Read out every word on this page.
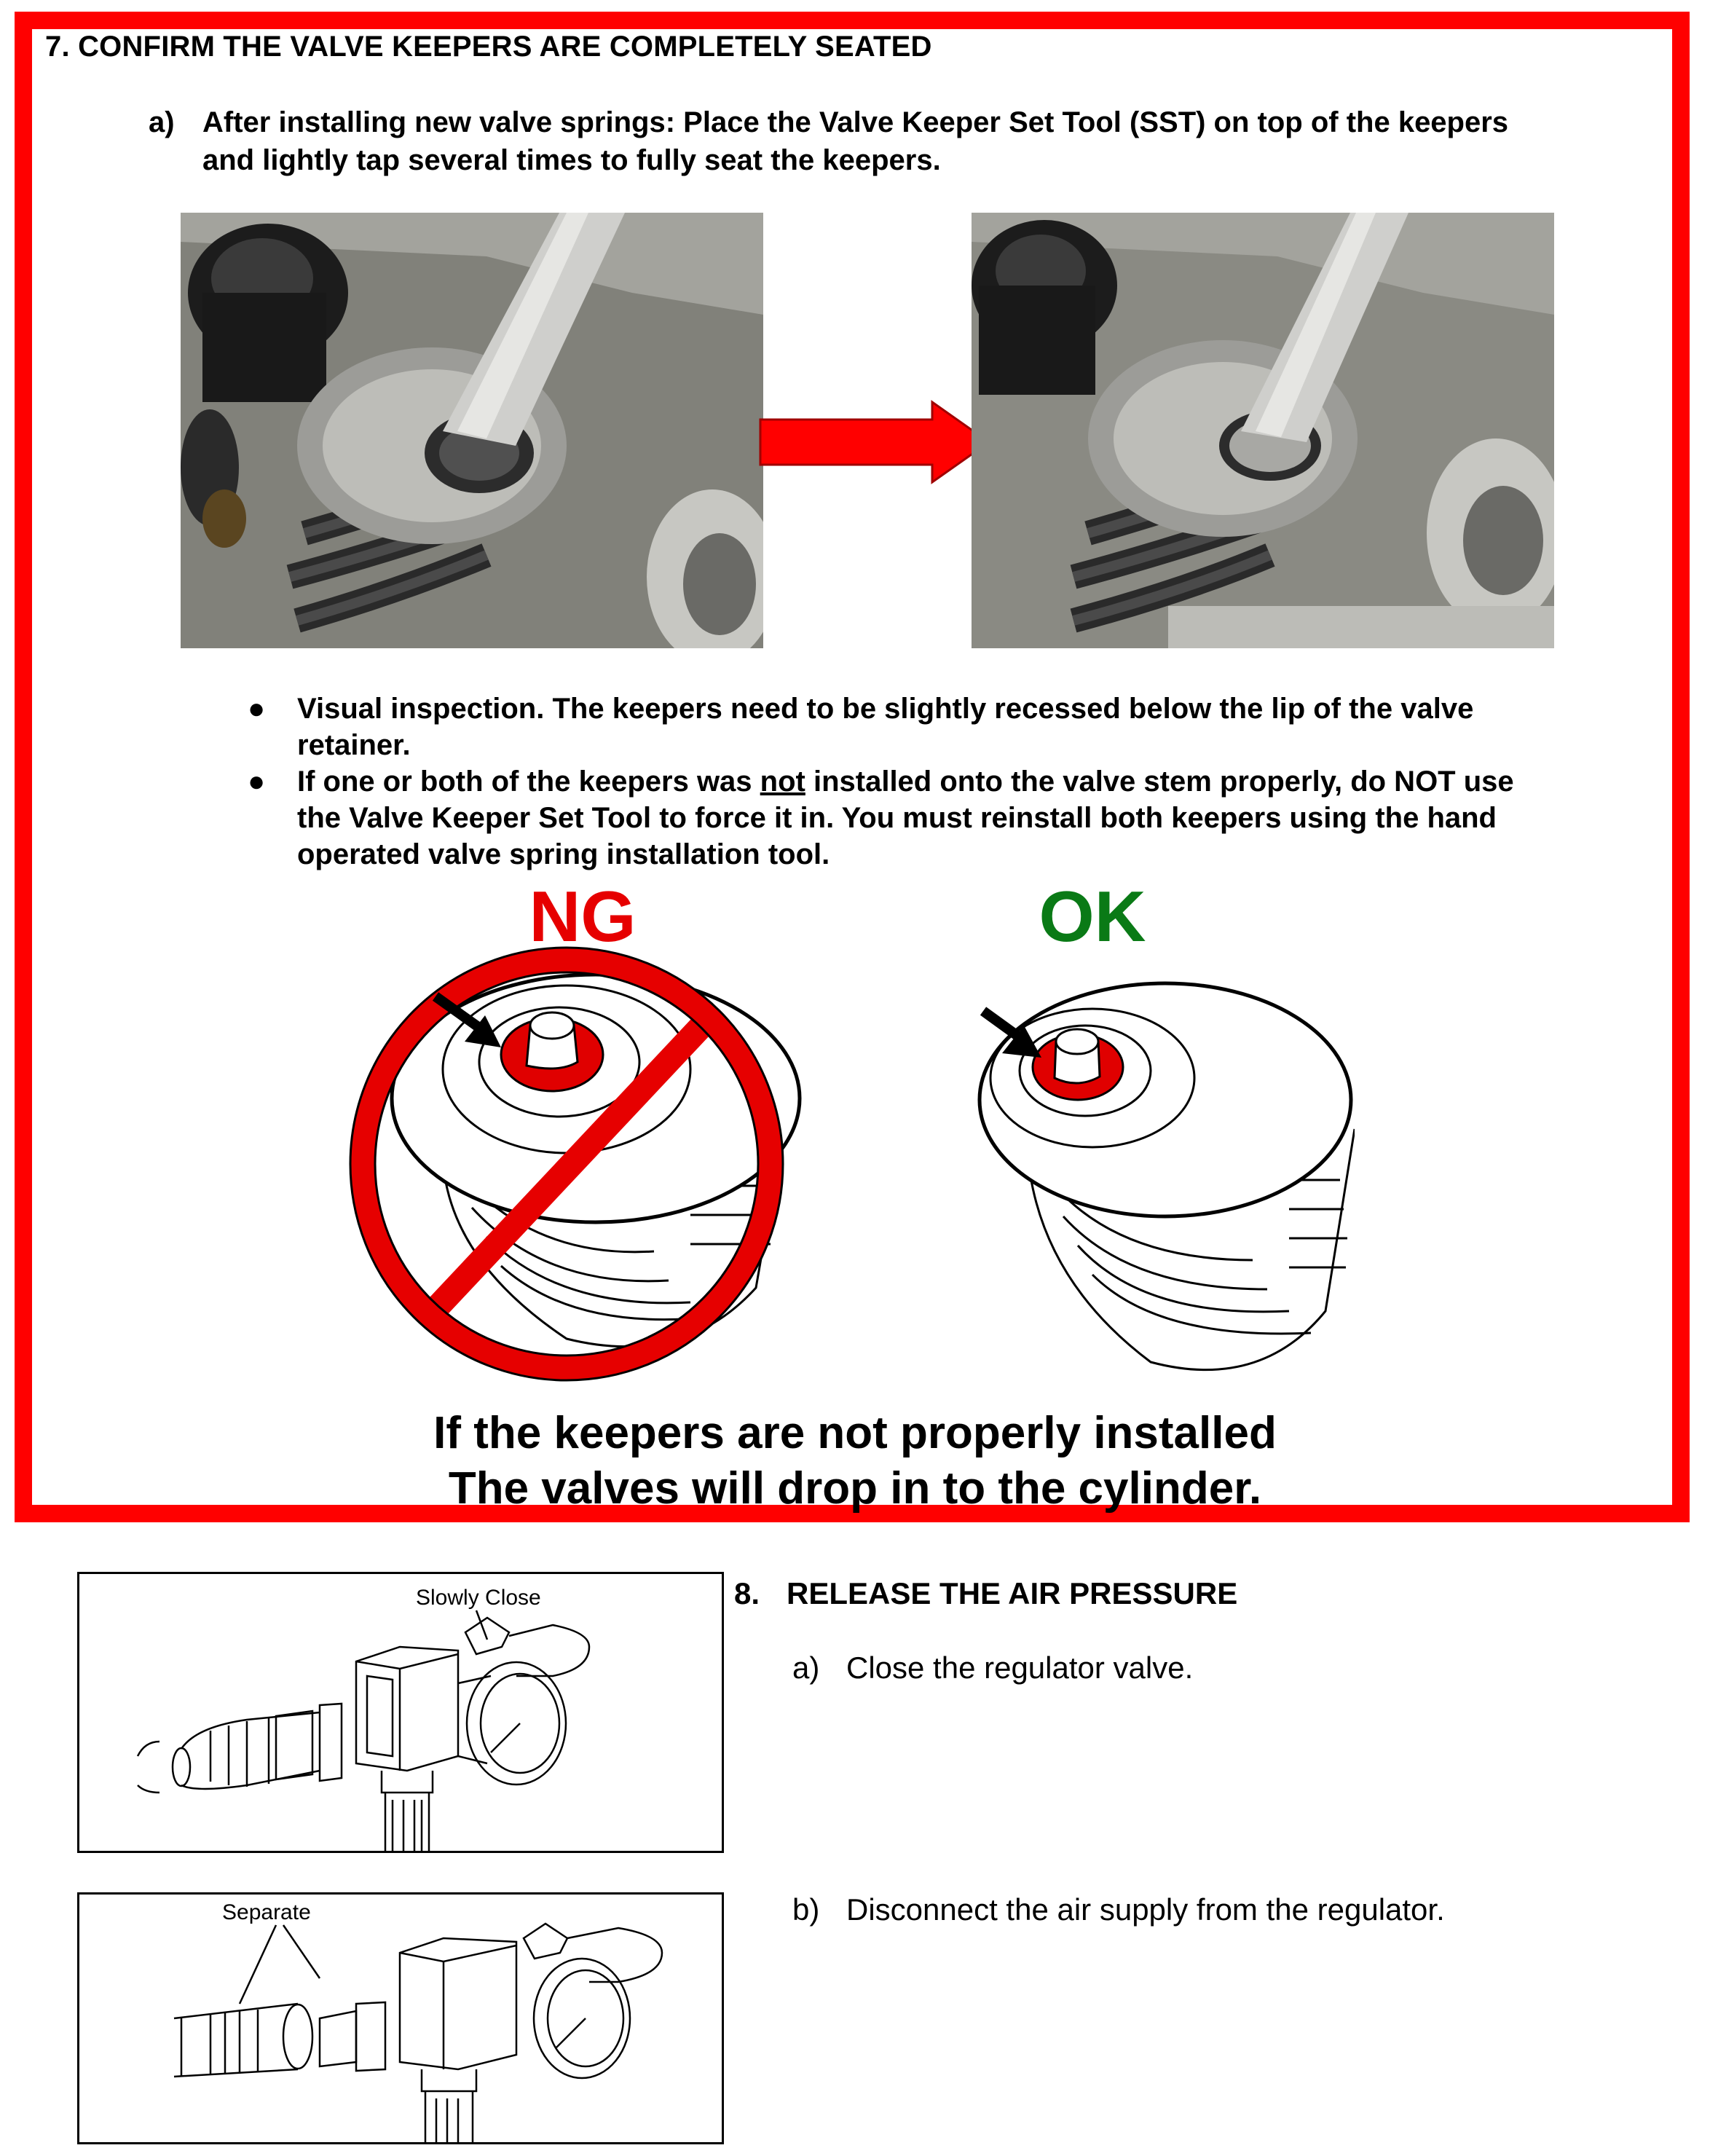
7. CONFIRM THE VALVE KEEPERS ARE COMPLETELY SEATED
a) After installing new valve springs: Place the Valve Keeper Set Tool (SST) on top of the keepers
and lightly tap several times to fully seat the keepers.
● Visual inspection. The keepers need to be slightly recessed below the lip of the valve
retainer.
● If one or both of the keepers was not installed onto the valve stem properly, do NOT use
the Valve Keeper Set Tool to force it in. You must reinstall both keepers using the hand
operated valve spring installation tool.
NG	OK
If the keepers are not properly installed
The valves will drop in to the cylinder.
Slowly Close	8. RELEASE THE AIR PRESSURE
a) Close the regulator valve.
Separate	b) Disconnect the air supply from the regulator.
